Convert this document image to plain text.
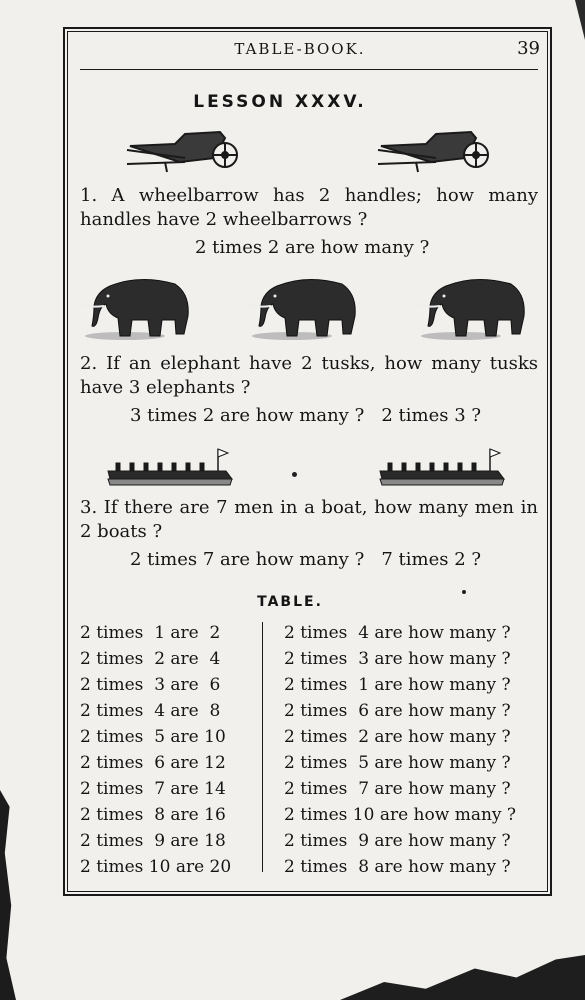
TABLE-BOOK.	39
LESSON XXXV.

1. A wheelbarrow has 2 handles; how many handles have 2 wheelbarrows ?

2 times 2 are how many ?

2. If an elephant have 2 tusks, how many tusks have 3 elephants ?

3 times 2 are how many ?   2 times 3 ?

3. If there are 7 men in a boat, how many men in 2 boats ?

2 times 7 are how many ?   7 times 2 ?
TABLE.
2 times  1 are  2
2 times  2 are  4
2 times  3 are  6
2 times  4 are  8
2 times  5 are 10
2 times  6 are 12
2 times  7 are 14
2 times  8 are 16
2 times  9 are 18
2 times 10 are 20
2 times  4 are how many ?
2 times  3 are how many ?
2 times  1 are how many ?
2 times  6 are how many ?
2 times  2 are how many ?
2 times  5 are how many ?
2 times  7 are how many ?
2 times 10 are how many ?
2 times  9 are how many ?
2 times  8 are how many ?
